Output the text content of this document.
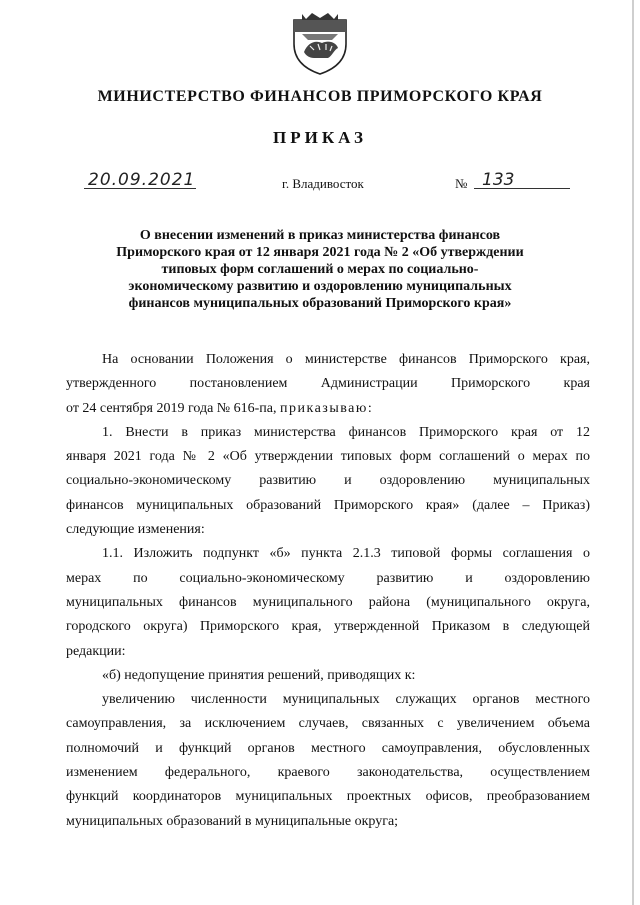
МИНИСТЕРСТВО ФИНАНСОВ ПРИМОРСКОГО КРАЯ
ПРИКАЗ
20.09.2021	г. Владивосток	№ 133
О внесении изменений в приказ министерства финансов
Приморского края от 12 января 2021 года № 2 «Об утверждении
типовых форм соглашений о мерах по социально-
экономическому развитию и оздоровлению муниципальных
финансов муниципальных образований Приморского края»
На основании Положения о министерстве финансов Приморского края,
утвержденного постановлением Администрации Приморского края
от 24 сентября 2019 года № 616-па, приказываю:
1. Внести в приказ министерства финансов Приморского края от 12
января 2021 года № 2 «Об утверждении типовых форм соглашений о мерах по
социально-экономическому развитию и оздоровлению муниципальных
финансов муниципальных образований Приморского края» (далее – Приказ)
следующие изменения:
1.1. Изложить подпункт «б» пункта 2.1.3 типовой формы соглашения о
мерах по социально-экономическому развитию и оздоровлению
муниципальных финансов муниципального района (муниципального округа,
городского округа) Приморского края, утвержденной Приказом в следующей
редакции:
«б) недопущение принятия решений, приводящих к:
увеличению численности муниципальных служащих органов местного
самоуправления, за исключением случаев, связанных с увеличением объема
полномочий и функций органов местного самоуправления, обусловленных
изменением федерального, краевого законодательства, осуществлением
функций координаторов муниципальных проектных офисов, преобразованием
муниципальных образований в муниципальные округа;
